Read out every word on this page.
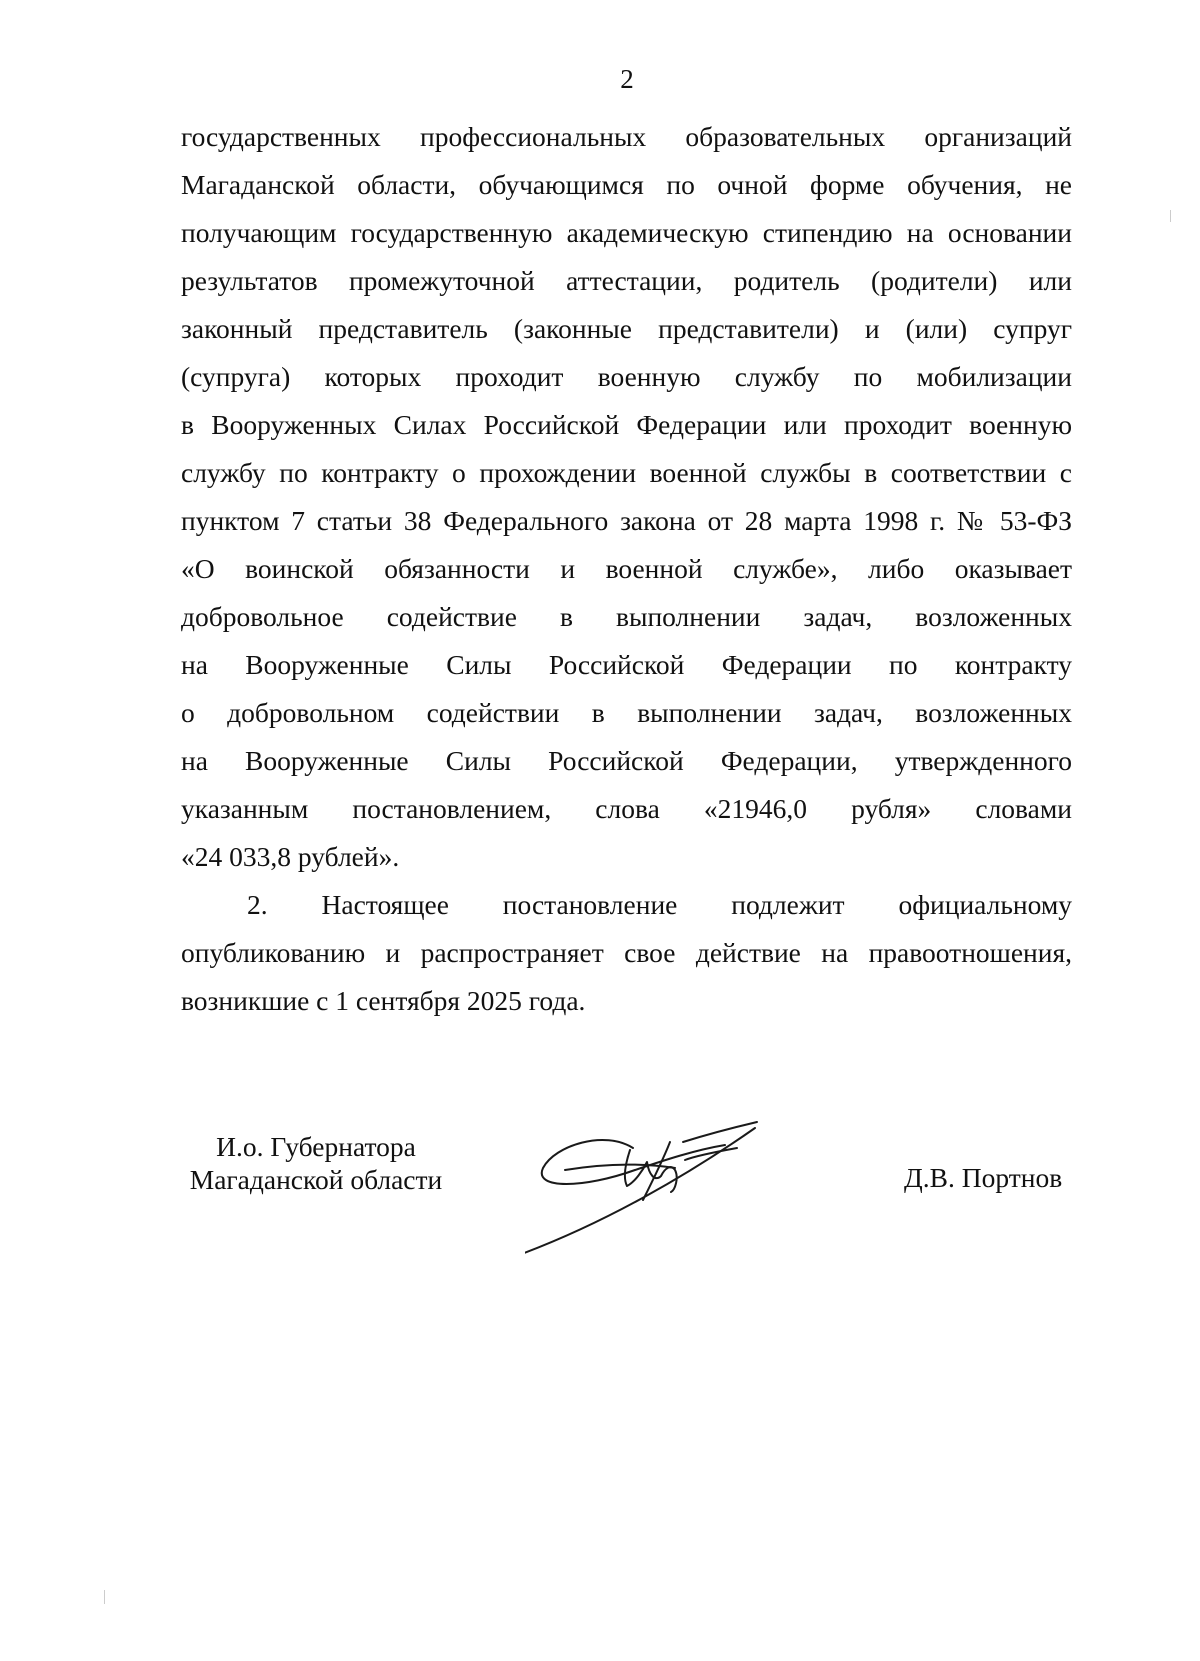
2
государственных профессиональных образовательных организаций
Магаданской области, обучающимся по очной форме обучения, не
получающим государственную академическую стипендию на основании
результатов промежуточной аттестации, родитель (родители) или
законный представитель (законные представители) и (или) супруг
(супруга) которых проходит военную службу по мобилизации
в Вооруженных Силах Российской Федерации или проходит военную
службу по контракту о прохождении военной службы в соответствии с
пунктом 7 статьи 38 Федерального закона от 28 марта 1998 г. № 53-ФЗ
«О воинской обязанности и военной службе», либо оказывает
добровольное содействие в выполнении задач, возложенных
на Вооруженные Силы Российской Федерации по контракту
о добровольном содействии в выполнении задач, возложенных
на Вооруженные Силы Российской Федерации, утвержденного
указанным постановлением, слова «21946,0 рубля» словами
«24 033,8 рублей».
2. Настоящее постановление подлежит официальному
опубликованию и распространяет свое действие на правоотношения,
возникшие с 1 сентября 2025 года.
И.о. Губернатора
Магаданской области	Д.В. Портнов
